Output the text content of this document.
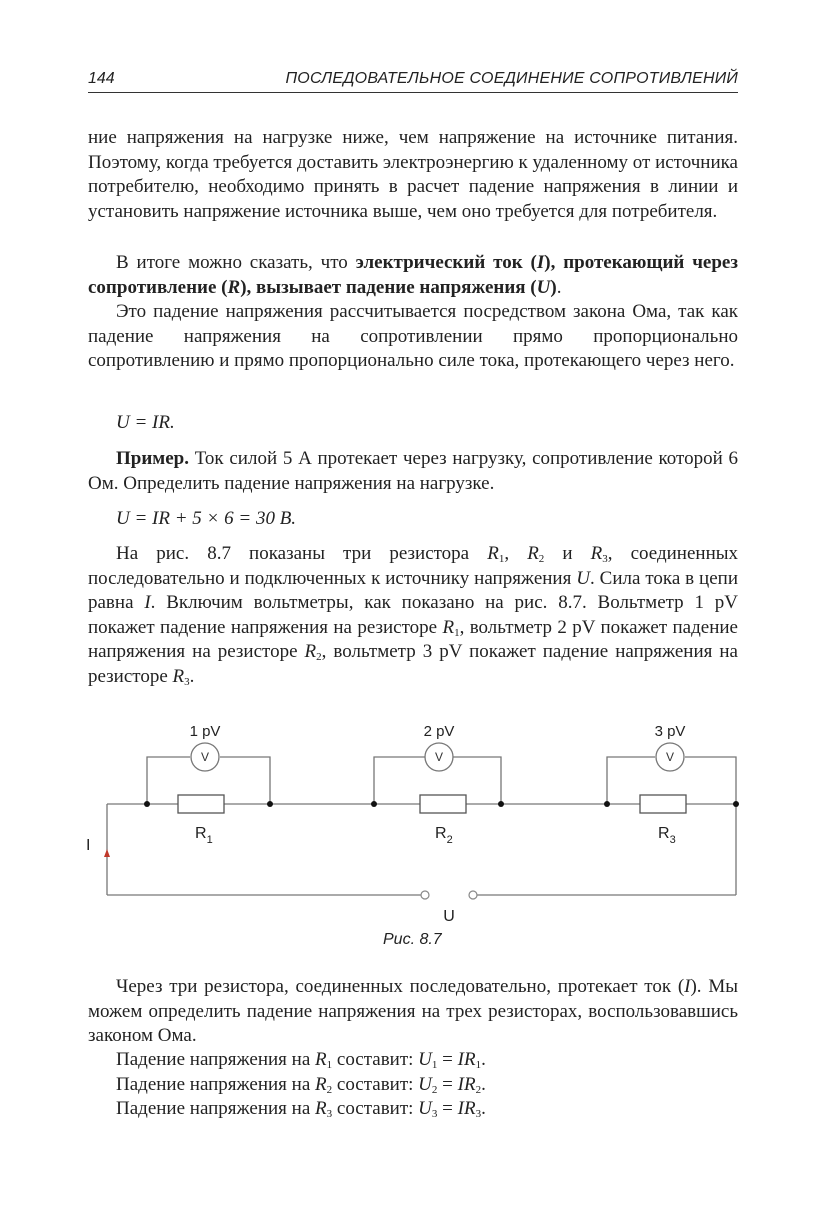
144	ПОСЛЕДОВАТЕЛЬНОЕ СОЕДИНЕНИЕ СОПРОТИВЛЕНИЙ

ние напряжения на нагрузке ниже, чем напряжение на источнике питания. Поэтому, когда требуется доставить электроэнергию к удаленному от источника потребителю, необходимо принять в расчет падение напряжения в линии и установить напряжение источника выше, чем оно требуется для потребителя.

В итоге можно сказать, что электрический ток (I), протекающий через сопротивление (R), вызывает падение напряжения (U).

Это падение напряжения рассчитывается посредством закона Ома, так как падение напряжения на сопротивлении прямо пропорционально сопротивлению и прямо пропорционально силе тока, протекающего через него.

U = IR.

Пример. Ток силой 5 А протекает через нагрузку, сопротивление которой 6 Ом. Определить падение напряжения на нагрузке.

U = IR + 5 × 6 = 30 В.

На рис. 8.7 показаны три резистора $R_1$, $R_2$ и $R_3$, соединенных последовательно и подключенных к источнику напряжения U. Сила тока в цепи равна I. Включим вольтметры, как показано на рис. 8.7. Вольтметр 1 pV покажет падение напряжения на резисторе $R_1$, вольтметр 2 pV покажет падение напряжения на резисторе $R_2$, вольтметр 3 pV покажет падение напряжения на резисторе $R_3$.

V	V	V
1 pV	2 pV	3 pV
$R_1$	$R_2$	$R_3$
I
U
Рис. 8.7

Через три резистора, соединенных последовательно, протекает ток (I). Мы можем определить падение напряжения на трех резисторах, воспользовавшись законом Ома.

Падение напряжения на $R_1$ составит: $U_1 = IR_1$.

Падение напряжения на $R_2$ составит: $U_2 = IR_2$.

Падение напряжения на $R_3$ составит: $U_3 = IR_3$.
